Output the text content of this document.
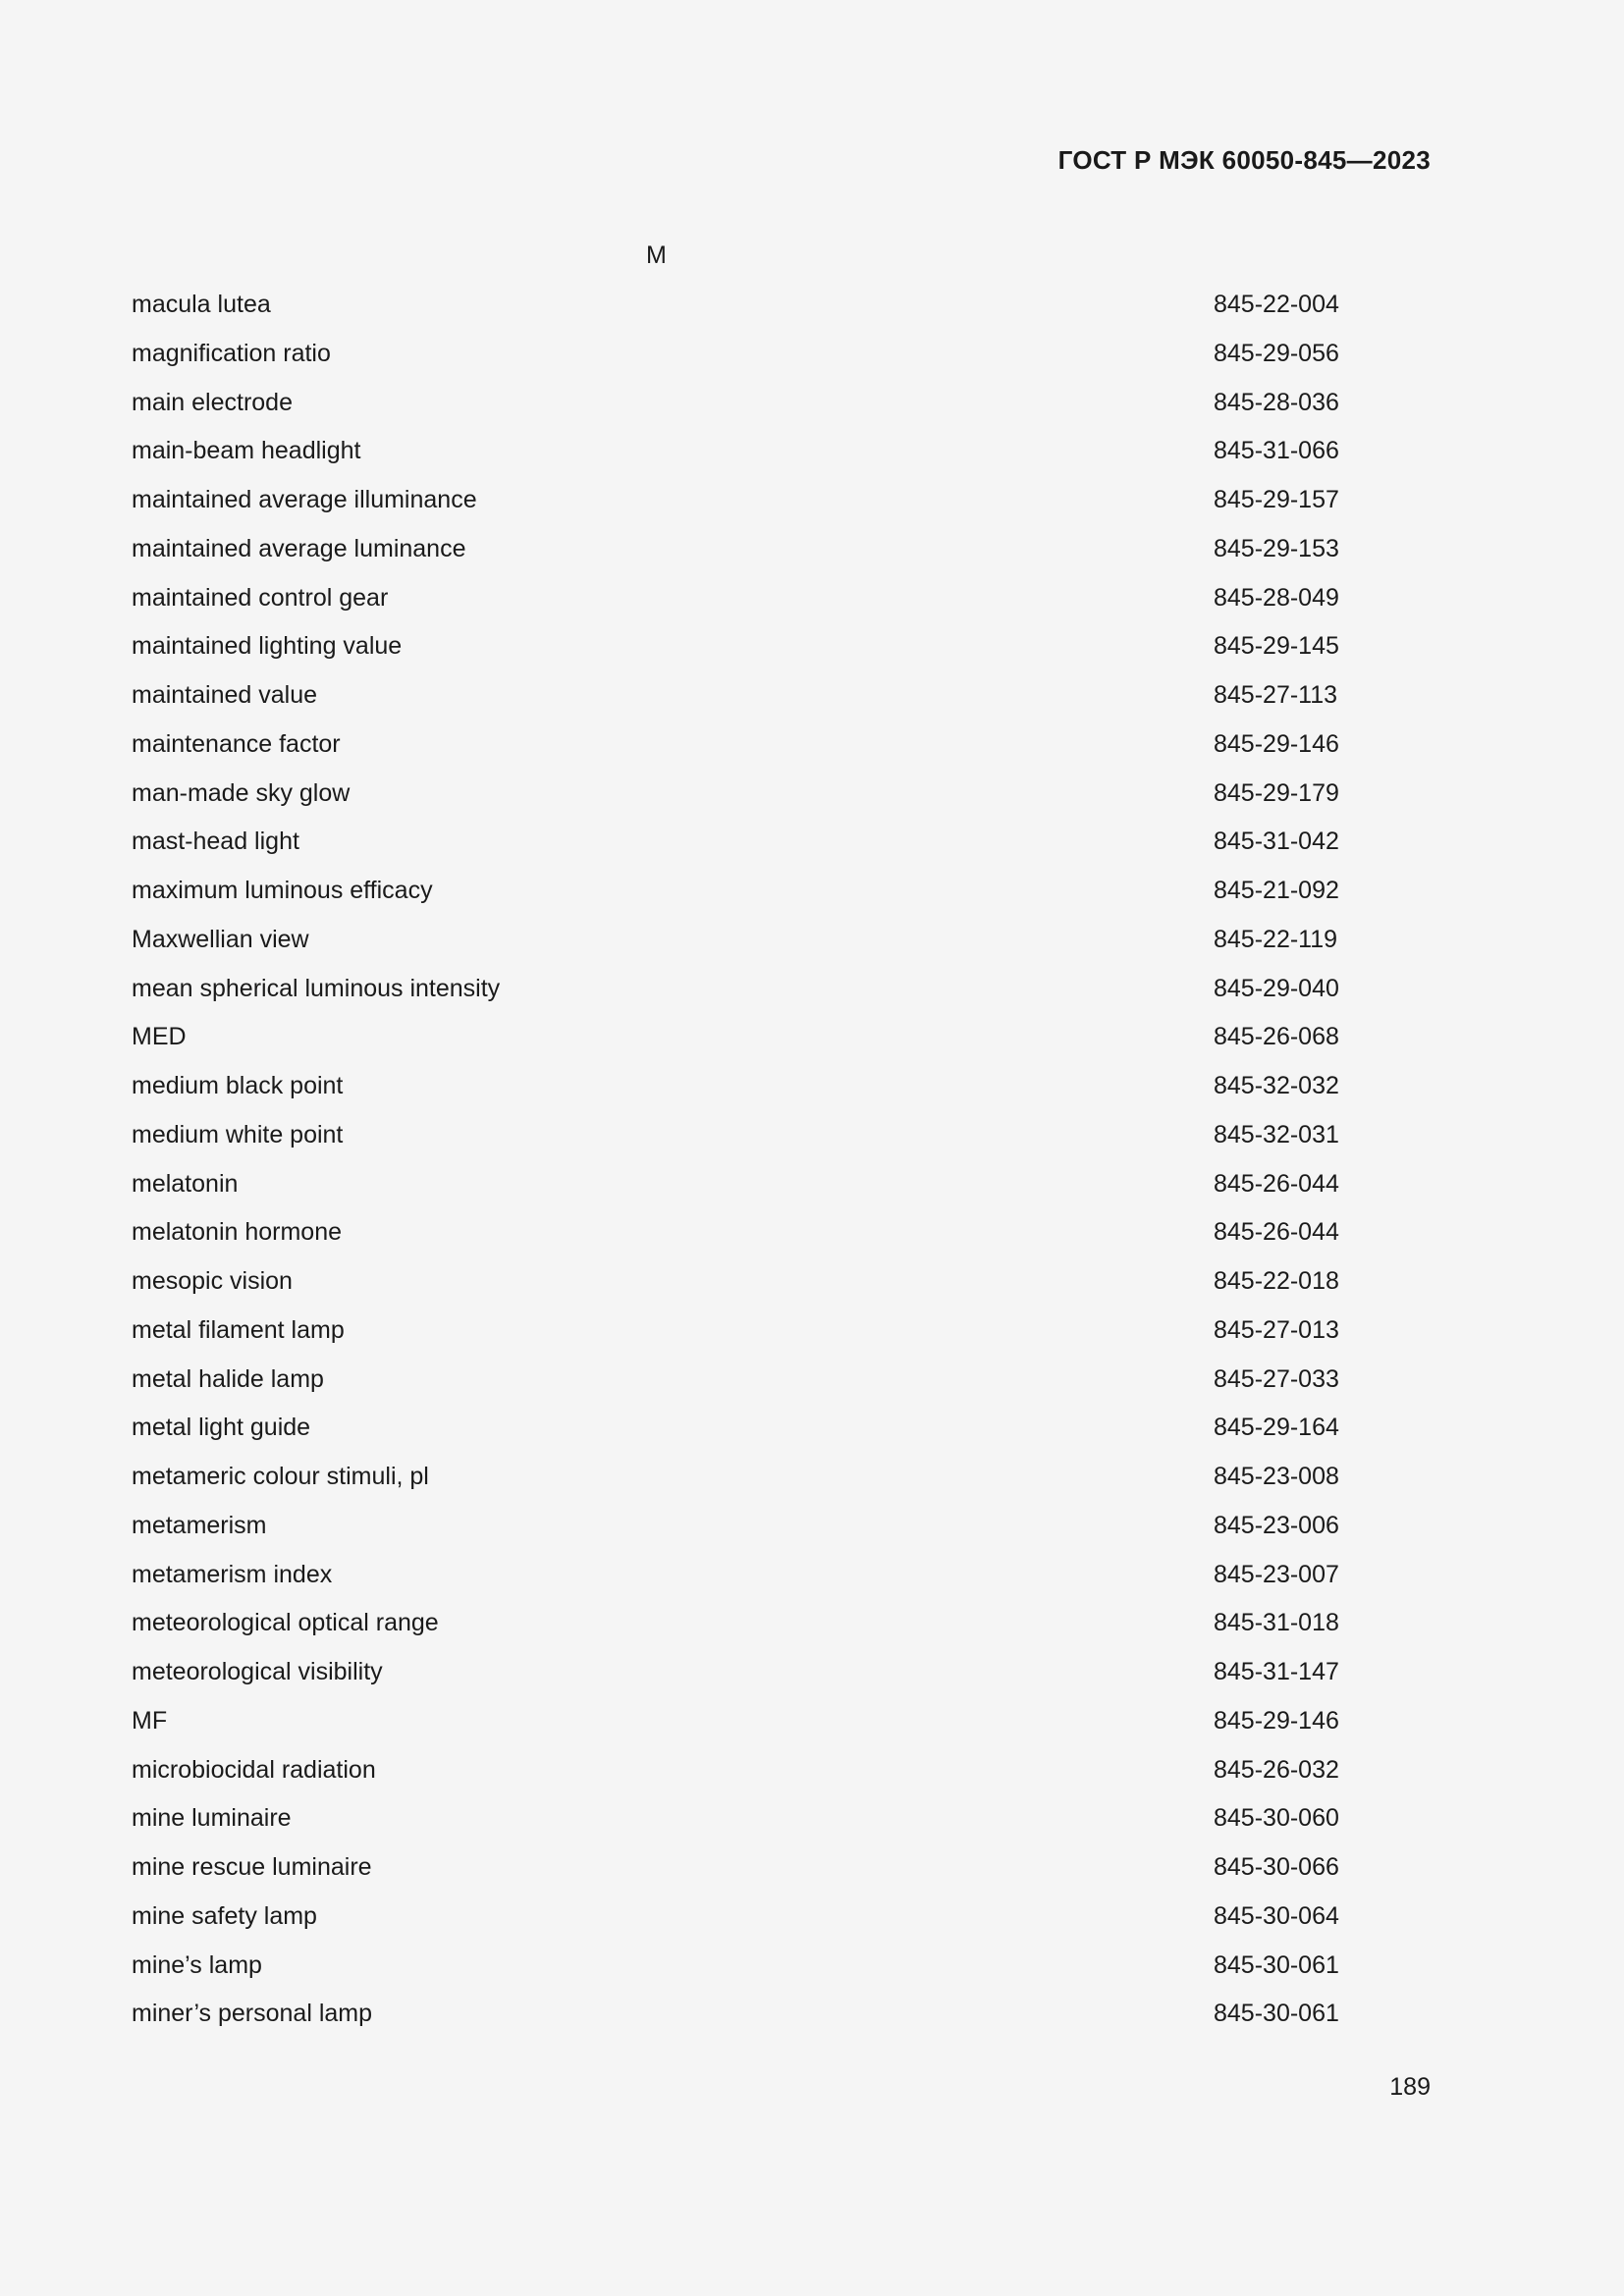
ГОСТ Р МЭК 60050-845—2023
M
macula lutea	845-22-004
magnification ratio	845-29-056
main electrode	845-28-036
main-beam headlight	845-31-066
maintained average illuminance	845-29-157
maintained average luminance	845-29-153
maintained control gear	845-28-049
maintained lighting value	845-29-145
maintained value	845-27-113
maintenance factor	845-29-146
man-made sky glow	845-29-179
mast-head light	845-31-042
maximum luminous efficacy	845-21-092
Maxwellian view	845-22-119
mean spherical luminous intensity	845-29-040
MED	845-26-068
medium black point	845-32-032
medium white point	845-32-031
melatonin	845-26-044
melatonin hormone	845-26-044
mesopic vision	845-22-018
metal filament lamp	845-27-013
metal halide lamp	845-27-033
metal light guide	845-29-164
metameric colour stimuli, pl	845-23-008
metamerism	845-23-006
metamerism index	845-23-007
meteorological optical range	845-31-018
meteorological visibility	845-31-147
MF	845-29-146
microbiocidal radiation	845-26-032
mine luminaire	845-30-060
mine rescue luminaire	845-30-066
mine safety lamp	845-30-064
mine’s lamp	845-30-061
miner’s personal lamp	845-30-061
189
